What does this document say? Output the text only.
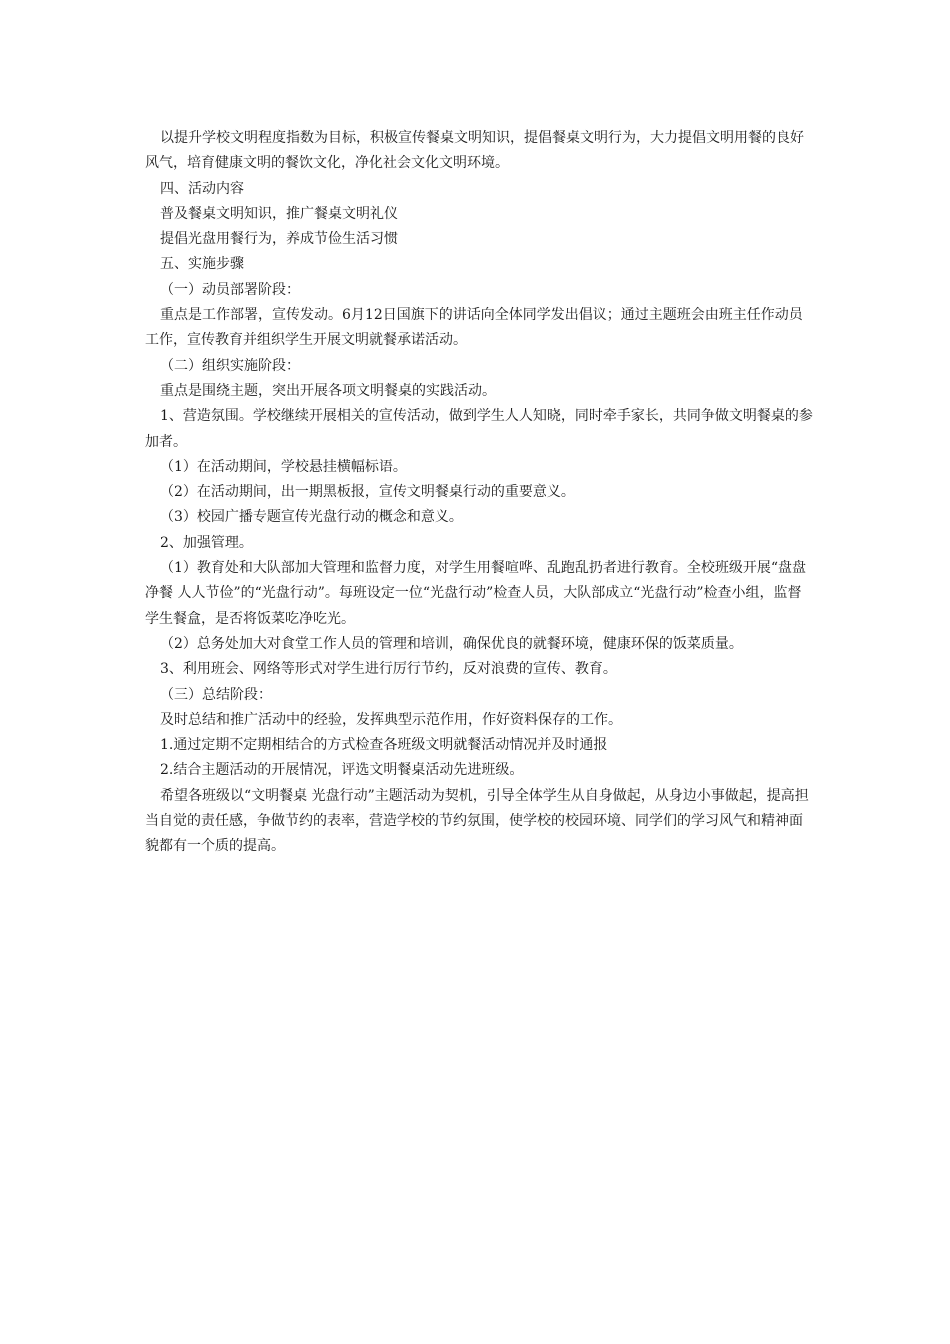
以提升学校文明程度指数为目标，积极宣传餐桌文明知识，提倡餐桌文明行为，大力提倡文明用餐的良好风气，培育健康文明的餐饮文化，净化社会文化文明环境。

四、活动内容

普及餐桌文明知识，推广餐桌文明礼仪

提倡光盘用餐行为，养成节俭生活习惯

五、实施步骤

（一）动员部署阶段：

重点是工作部署，宣传发动。6月12日国旗下的讲话向全体同学发出倡议；通过主题班会由班主任作动员工作，宣传教育并组织学生开展文明就餐承诺活动。

（二）组织实施阶段：

重点是围绕主题，突出开展各项文明餐桌的实践活动。

1、营造氛围。学校继续开展相关的宣传活动，做到学生人人知晓，同时牵手家长，共同争做文明餐桌的参加者。

（1）在活动期间，学校悬挂横幅标语。

（2）在活动期间，出一期黑板报，宣传文明餐桌行动的重要意义。

（3）校园广播专题宣传光盘行动的概念和意义。

2、加强管理。

（1）教育处和大队部加大管理和监督力度，对学生用餐喧哗、乱跑乱扔者进行教育。全校班级开展“盘盘净餐 人人节俭”的“光盘行动”。每班设定一位“光盘行动”检查人员，大队部成立“光盘行动”检查小组，监督学生餐盒，是否将饭菜吃净吃光。

（2）总务处加大对食堂工作人员的管理和培训，确保优良的就餐环境，健康环保的饭菜质量。

3、利用班会、网络等形式对学生进行厉行节约，反对浪费的宣传、教育。

（三）总结阶段：

及时总结和推广活动中的经验，发挥典型示范作用，作好资料保存的工作。

1.通过定期不定期相结合的方式检查各班级文明就餐活动情况并及时通报

2.结合主题活动的开展情况，评选文明餐桌活动先进班级。

希望各班级以“文明餐桌 光盘行动”主题活动为契机，引导全体学生从自身做起，从身边小事做起，提高担当自觉的责任感，争做节约的表率，营造学校的节约氛围，使学校的校园环境、同学们的学习风气和精神面貌都有一个质的提高。
